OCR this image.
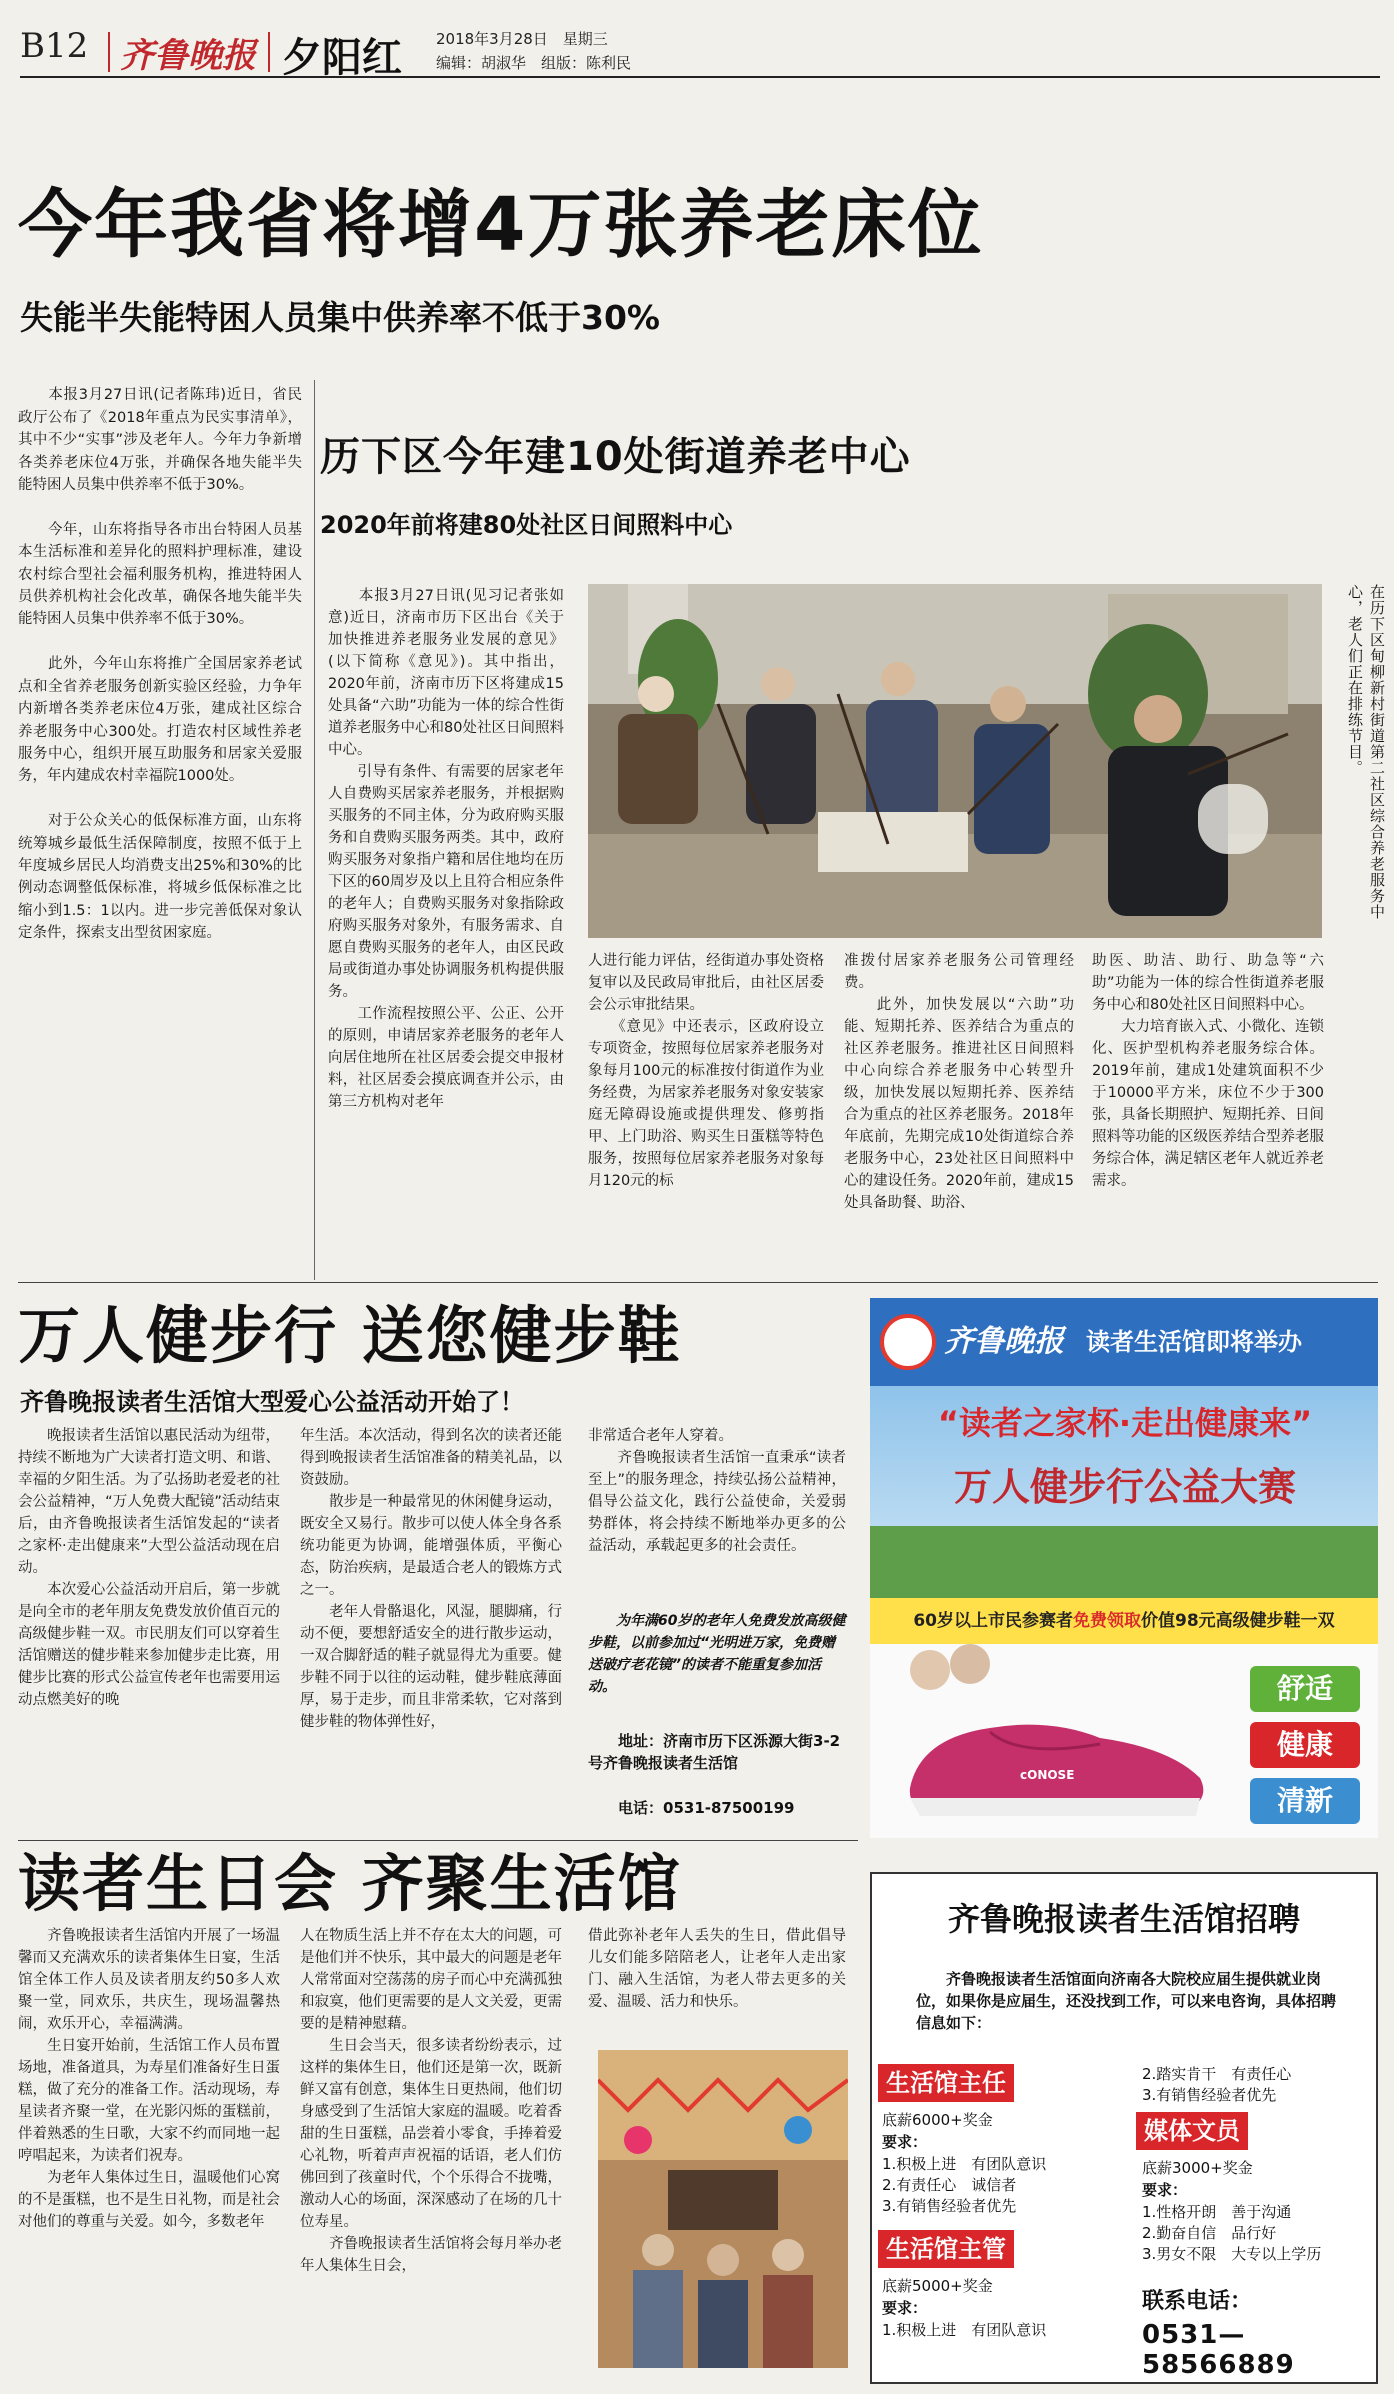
B12 齐鲁晚报 夕阳红 2018年3月28日　星期三
编辑：胡淑华　组版：陈利民
今年我省将增4万张养老床位
失能半失能特困人员集中供养率不低于30%

　　本报3月27日讯(记者陈玮)近日，省民政厅公布了《2018年重点为民实事清单》，其中不少“实事”涉及老年人。今年力争新增各类养老床位4万张，并确保各地失能半失能特困人员集中供养率不低于30%。

　　今年，山东将指导各市出台特困人员基本生活标准和差异化的照料护理标准，建设农村综合型社会福利服务机构，推进特困人员供养机构社会化改革，确保各地失能半失能特困人员集中供养率不低于30%。

　　此外，今年山东将推广全国居家养老试点和全省养老服务创新实验区经验，力争年内新增各类养老床位4万张，建成社区综合养老服务中心300处。打造农村区域性养老服务中心，组织开展互助服务和居家关爱服务，年内建成农村幸福院1000处。

　　对于公众关心的低保标准方面，山东将统筹城乡最低生活保障制度，按照不低于上年度城乡居民人均消费支出25%和30%的比例动态调整低保标准，将城乡低保标准之比缩小到1.5：1以内。进一步完善低保对象认定条件，探索支出型贫困家庭。

历下区今年建10处街道养老中心
2020年前将建80处社区日间照料中心
　　本报3月27日讯(见习记者张如意)近日，济南市历下区出台《关于加快推进养老服务业发展的意见》(以下简称《意见》)。其中指出，2020年前，济南市历下区将建成15处具备“六助”功能为一体的综合性街道养老服务中心和80处社区日间照料中心。
　　引导有条件、有需要的居家老年人自费购买居家养老服务，并根据购买服务的不同主体，分为政府购买服务和自费购买服务两类。其中，政府购买服务对象指户籍和居住地均在历下区的60周岁及以上且符合相应条件的老年人；自费购买服务对象指除政府购买服务对象外，有服务需求、自愿自费购买服务的老年人，由区民政局或街道办事处协调服务机构提供服务。
　　工作流程按照公平、公正、公开的原则，申请居家养老服务的老年人向居住地所在社区居委会提交申报材料，社区居委会摸底调查并公示，由第三方机构对老年
在历下区甸柳新村街道第二社区综合养老服务中心，老人们正在排练节目。
人进行能力评估，经街道办事处资格复审以及民政局审批后，由社区居委会公示审批结果。
　　《意见》中还表示，区政府设立专项资金，按照每位居家养老服务对象每月100元的标准按付街道作为业务经费，为居家养老服务对象安装家庭无障碍设施或提供理发、修剪指甲、上门助浴、购买生日蛋糕等特色服务，按照每位居家养老服务对象每月120元的标
准拨付居家养老服务公司管理经费。
　　此外，加快发展以“六助”功能、短期托养、医养结合为重点的社区养老服务。推进社区日间照料中心向综合养老服务中心转型升级，加快发展以短期托养、医养结合为重点的社区养老服务。2018年年底前，先期完成10处街道综合养老服务中心，23处社区日间照料中心的建设任务。2020年前，建成15处具备助餐、助浴、
助医、助洁、助行、助急等“六助”功能为一体的综合性街道养老服务中心和80处社区日间照料中心。
　　大力培育嵌入式、小微化、连锁化、医护型机构养老服务综合体。2019年前，建成1处建筑面积不少于10000平方米，床位不少于300张，具备长期照护、短期托养、日间照料等功能的区级医养结合型养老服务综合体，满足辖区老年人就近养老需求。
万人健步行 送您健步鞋
齐鲁晚报读者生活馆大型爱心公益活动开始了！
　　晚报读者生活馆以惠民活动为纽带，持续不断地为广大读者打造文明、和谐、幸福的夕阳生活。为了弘扬助老爱老的社会公益精神，“万人免费大配镜”活动结束后，由齐鲁晚报读者生活馆发起的“读者之家杯·走出健康来”大型公益活动现在启动。
　　本次爱心公益活动开启后，第一步就是向全市的老年朋友免费发放价值百元的高级健步鞋一双。市民朋友们可以穿着生活馆赠送的健步鞋来参加健步走比赛，用健步比赛的形式公益宣传老年也需要用运动点燃美好的晚
年生活。本次活动，得到名次的读者还能得到晚报读者生活馆准备的精美礼品，以资鼓励。
　　散步是一种最常见的休闲健身运动，既安全又易行。散步可以使人体全身各系统功能更为协调，能增强体质，平衡心态，防治疾病，是最适合老人的锻炼方式之一。
　　老年人骨骼退化，风湿，腿脚痛，行动不便，要想舒适安全的进行散步运动，一双合脚舒适的鞋子就显得尤为重要。健步鞋不同于以往的运动鞋，健步鞋底薄面厚，易于走步，而且非常柔软，它对落到健步鞋的物体弹性好，
非常适合老年人穿着。
　　齐鲁晚报读者生活馆一直秉承“读者至上”的服务理念，持续弘扬公益精神，倡导公益文化，践行公益使命，关爱弱势群体，将会持续不断地举办更多的公益活动，承载起更多的社会责任。
为年满60岁的老年人免费发放高级健步鞋，以前参加过“光明进万家，免费赠送破疗老花镜”的读者不能重复参加活动。
地址：济南市历下区泺源大街3-2号齐鲁晚报读者生活馆
电话：0531-87500199
齐鲁晚报 读者生活馆即将举办
“读者之家杯·走出健康来”
万人健步行公益大赛
60岁以上市民参赛者免费领取价值98元高级健步鞋一双
cONOSE
舒适
健康
清新
读者生日会 齐聚生活馆
　　齐鲁晚报读者生活馆内开展了一场温馨而又充满欢乐的读者集体生日宴，生活馆全体工作人员及读者朋友约50多人欢聚一堂，同欢乐，共庆生，现场温馨热闹，欢乐开心，幸福满满。
　　生日宴开始前，生活馆工作人员布置场地，准备道具，为寿星们准备好生日蛋糕，做了充分的准备工作。活动现场，寿星读者齐聚一堂，在光影闪烁的蛋糕前，伴着熟悉的生日歌，大家不约而同地一起哼唱起来，为读者们祝寿。
　　为老年人集体过生日，温暖他们心窝的不是蛋糕，也不是生日礼物，而是社会对他们的尊重与关爱。如今，多数老年
人在物质生活上并不存在太大的问题，可是他们并不快乐，其中最大的问题是老年人常常面对空荡荡的房子而心中充满孤独和寂寞，他们更需要的是人文关爱，更需要的是精神慰藉。
　　生日会当天，很多读者纷纷表示，过这样的集体生日，他们还是第一次，既新鲜又富有创意，集体生日更热闹，他们切身感受到了生活馆大家庭的温暖。吃着香甜的生日蛋糕，品尝着小零食，手捧着爱心礼物，听着声声祝福的话语，老人们仿佛回到了孩童时代，个个乐得合不拢嘴，激动人心的场面，深深感动了在场的几十位寿星。
　　齐鲁晚报读者生活馆将会每月举办老年人集体生日会，
借此弥补老年人丢失的生日，借此倡导儿女们能多陪陪老人，让老年人走出家门、融入生活馆，为老人带去更多的关爱、温暖、活力和快乐。
齐鲁晚报读者生活馆招聘
齐鲁晚报读者生活馆面向济南各大院校应届生提供就业岗位，如果你是应届生，还没找到工作，可以来电咨询，具体招聘信息如下：
生活馆主任
底薪6000+奖金
要求：
1.积极上进　有团队意识
2.有责任心　诚信者
3.有销售经验者优先
生活馆主管
底薪5000+奖金
要求：
1.积极上进　有团队意识
2.踏实肯干　有责任心
3.有销售经验者优先
媒体文员
底薪3000+奖金
要求：
1.性格开朗　善于沟通
2.勤奋自信　品行好
3.男女不限　大专以上学历
联系电话：
0531—58566889
